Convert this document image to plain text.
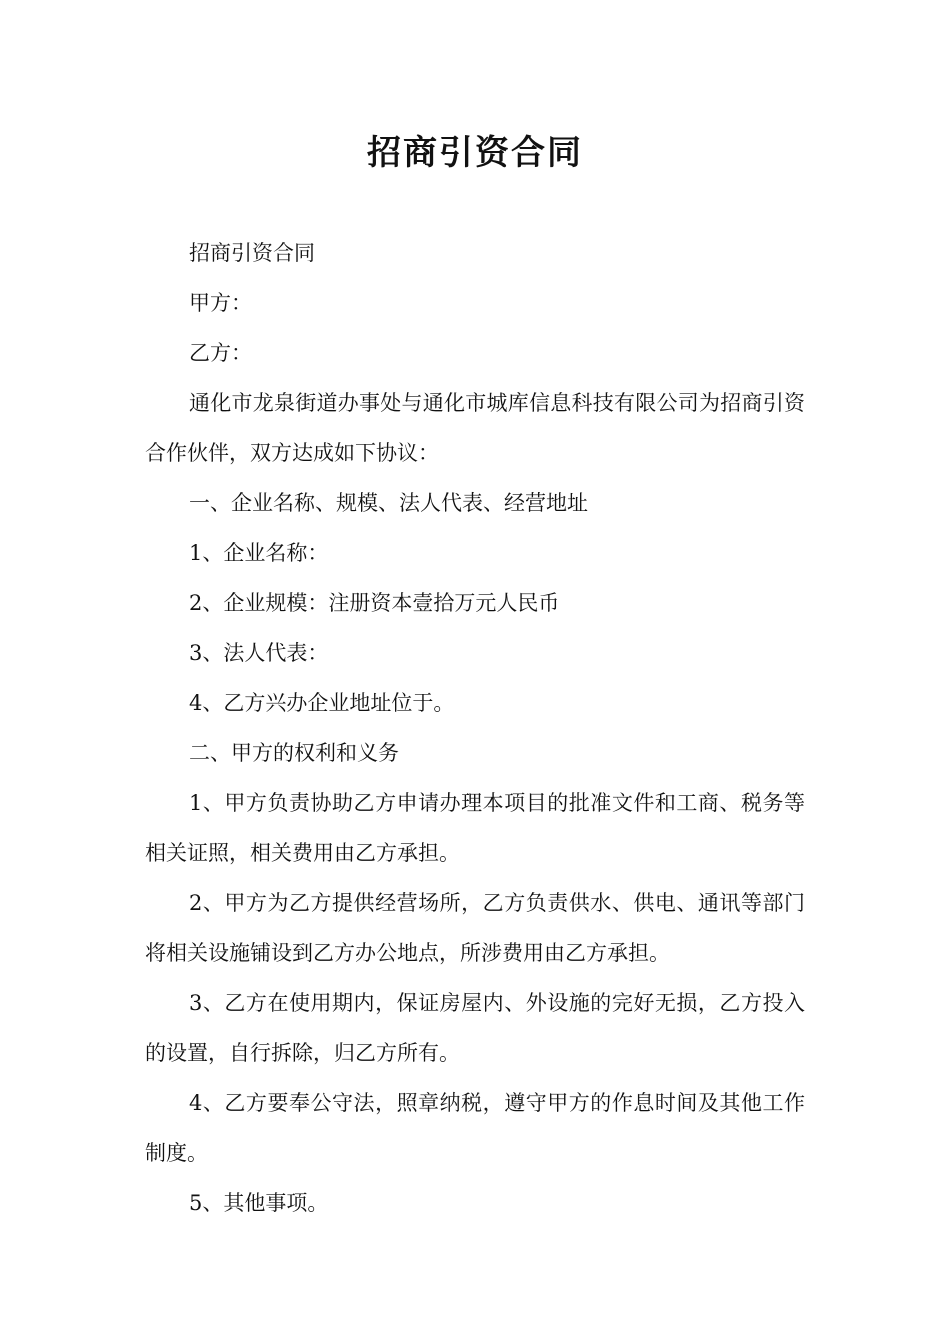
招商引资合同

招商引资合同

甲方：

乙方：

通化市龙泉街道办事处与通化市城库信息科技有限公司为招商引资合作伙伴，双方达成如下协议：

一、企业名称、规模、法人代表、经营地址

1、企业名称：

2、企业规模：注册资本壹拾万元人民币

3、法人代表：

4、乙方兴办企业地址位于。

二、甲方的权利和义务

1、甲方负责协助乙方申请办理本项目的批准文件和工商、税务等相关证照，相关费用由乙方承担。

2、甲方为乙方提供经营场所，乙方负责供水、供电、通讯等部门将相关设施铺设到乙方办公地点，所涉费用由乙方承担。

3、乙方在使用期内，保证房屋内、外设施的完好无损，乙方投入的设置，自行拆除，归乙方所有。

4、乙方要奉公守法，照章纳税，遵守甲方的作息时间及其他工作制度。

5、其他事项。
